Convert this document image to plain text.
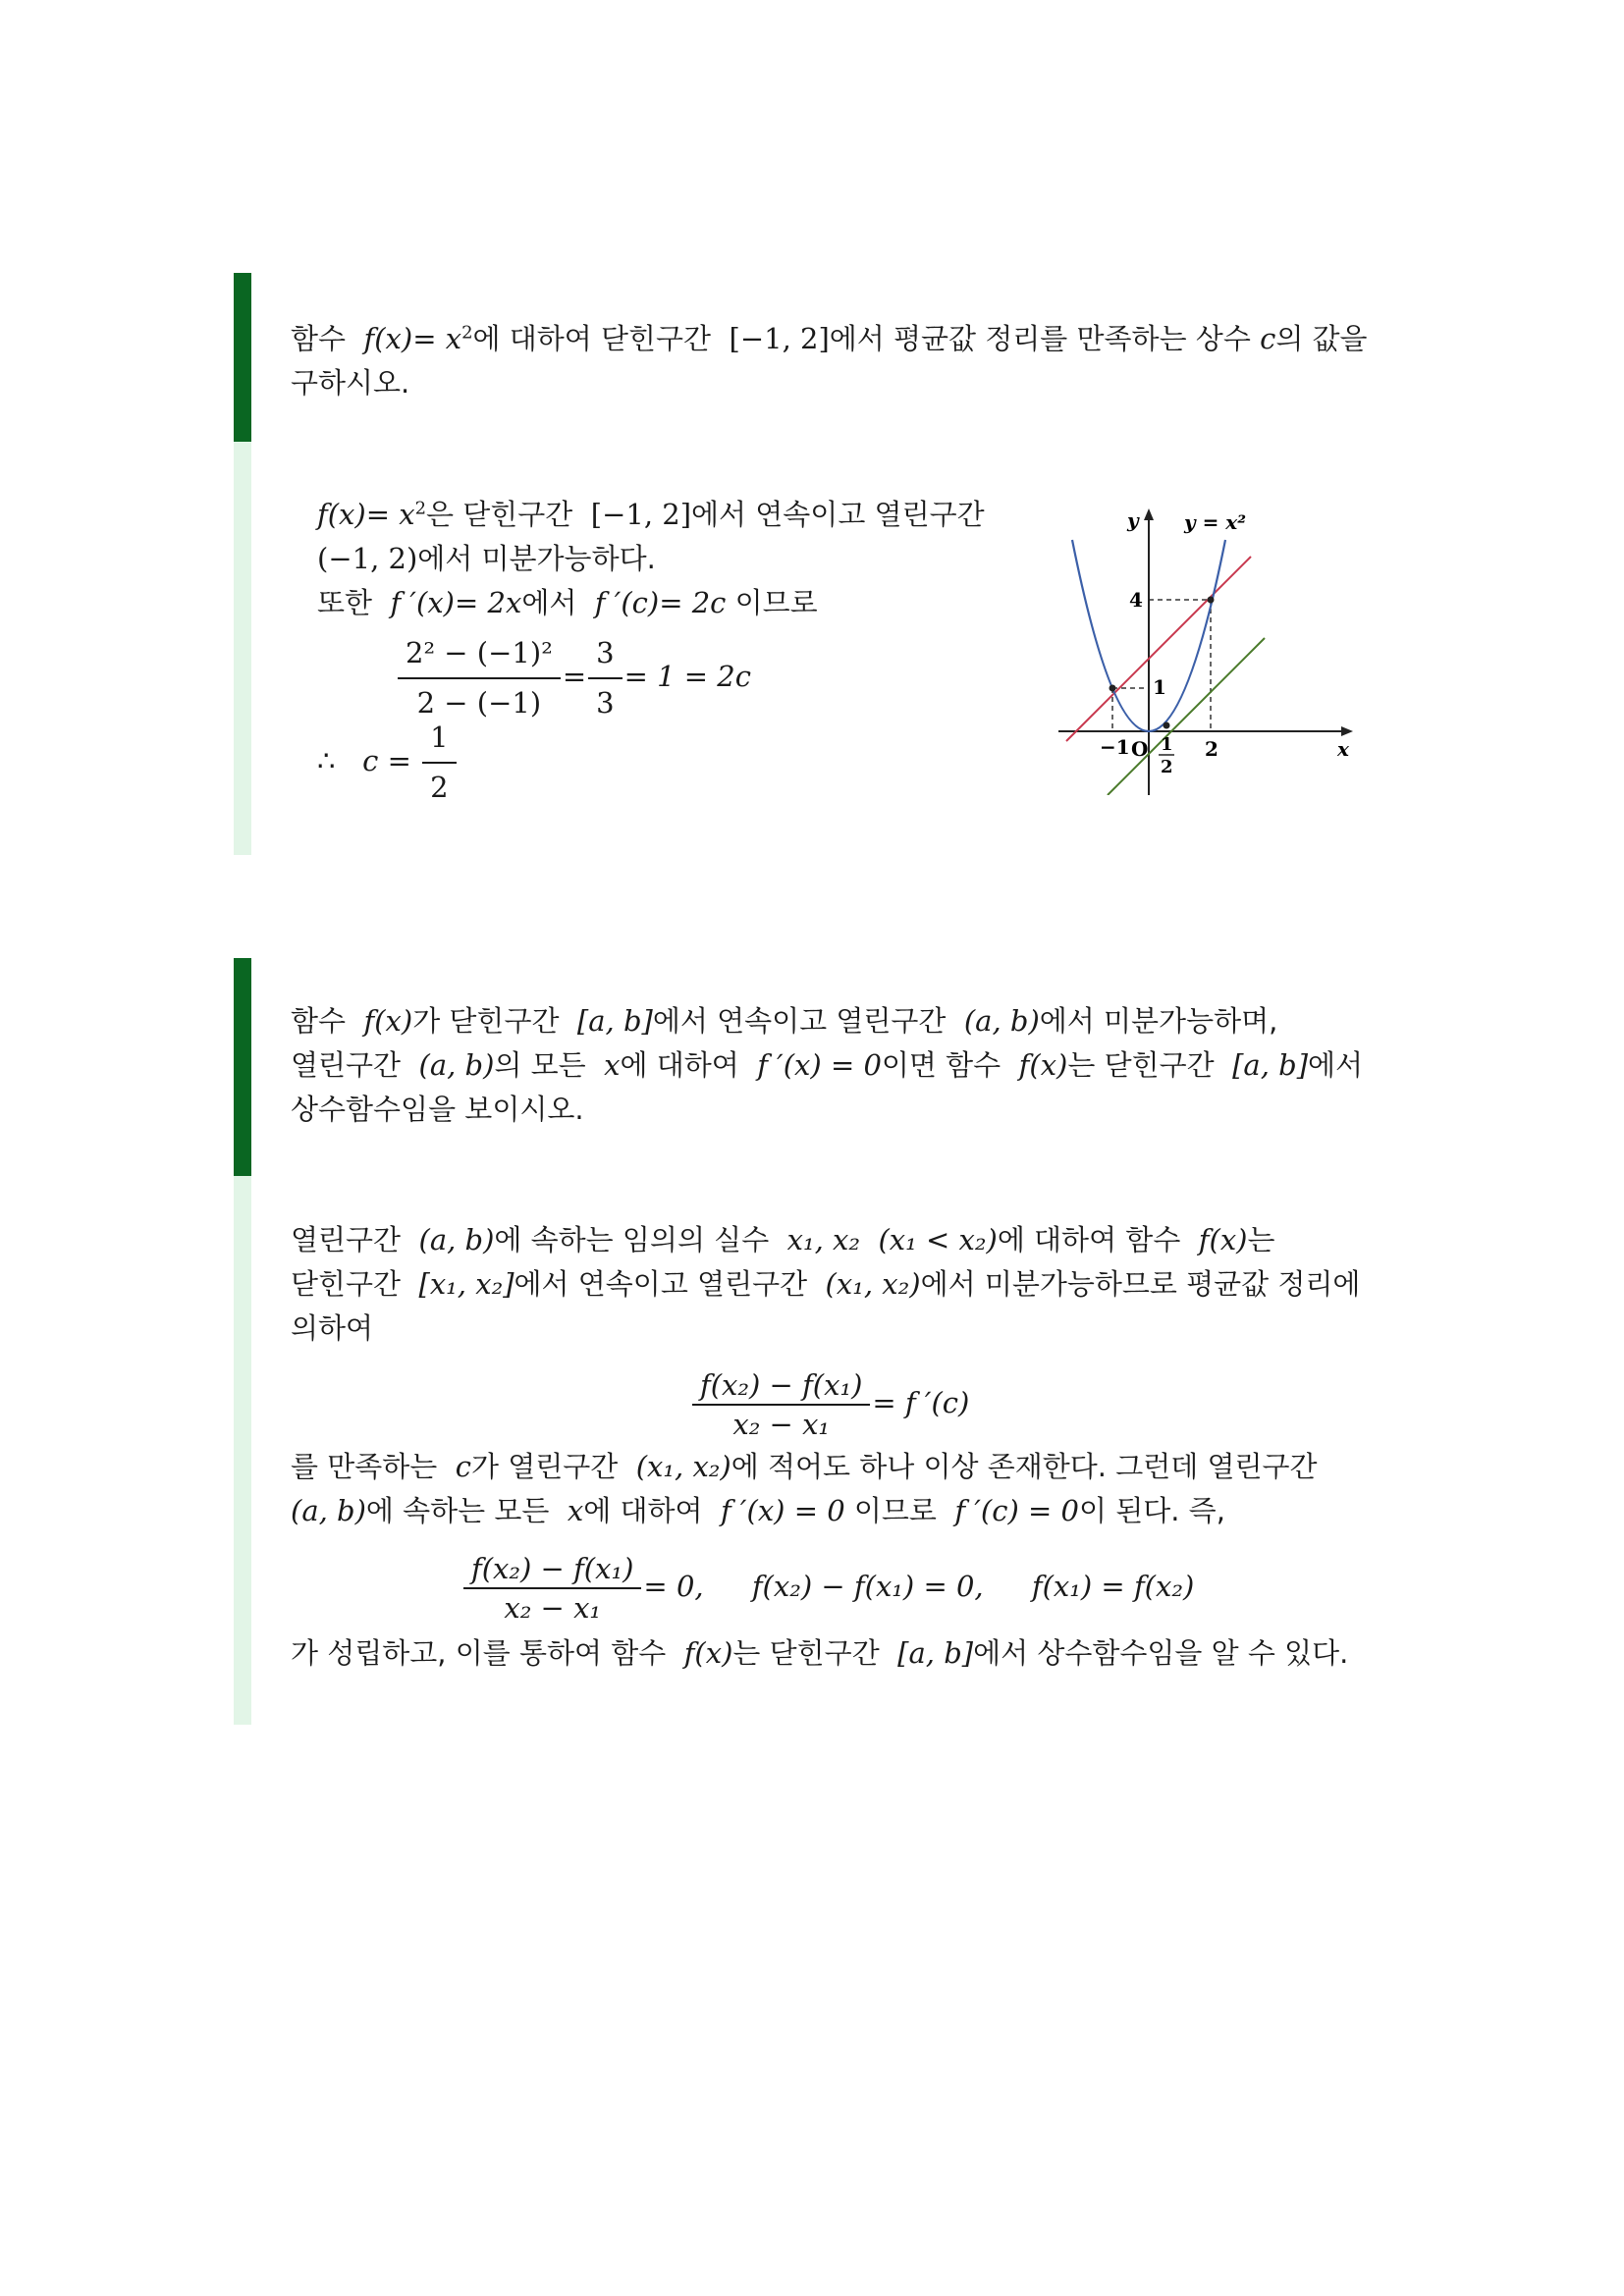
함수 $f(x)= x^2$에 대하여 닫힌구간 [−1, 2]에서 평균값 정리를 만족하는 상수 c의 값을
구하시오.
$f(x)= x^2$은 닫힌구간 [−1, 2]에서 연속이고 열린구간
(−1, 2)에서 미분가능하다.
또한 f ′(x)= 2x에서 f ′(c)= 2c 이므로
$\frac{\text{2² − (−1)²}}{2 - (-1)} = \frac{3}{3} = 1 = 2c$
∴ $c = \frac{1}{2}$
y y = x²
4
1
−1 O 1
2
2	x
함수 f(x)가 닫힌구간 [a, b]에서 연속이고 열린구간 (a, b)에서 미분가능하며,
열린구간 (a, b)의 모든 x에 대하여 f ′(x) = 0이면 함수 f(x)는 닫힌구간 [a, b]에서
상수함수임을 보이시오.
열린구간 (a, b)에 속하는 임의의 실수 x₁, x₂ (x₁ < x₂)에 대하여 함수 f(x)는
닫힌구간 [x₁, x₂]에서 연속이고 열린구간 (x₁, x₂)에서 미분가능하므로 평균값 정리에
의하여
$\frac{\text{f(x₂) − f(x₁)}}{\text{x₂ − x₁}} = f$ ′(c)
를 만족하는 c가 열린구간 (x₁, x₂)에 적어도 하나 이상 존재한다. 그런데 열린구간
(a, b)에 속하는 모든 x에 대하여 f ′(x) = 0 이므로 f ′(c) = 0이 된다. 즉,
$\frac{\text{f(x₂) − f(x₁)}}{\text{x₂ − x₁}} = 0$, f(x₂) − f(x₁) = 0, f(x₁) = f(x₂)
가 성립하고, 이를 통하여 함수 f(x)는 닫힌구간 [a, b]에서 상수함수임을 알 수 있다.
